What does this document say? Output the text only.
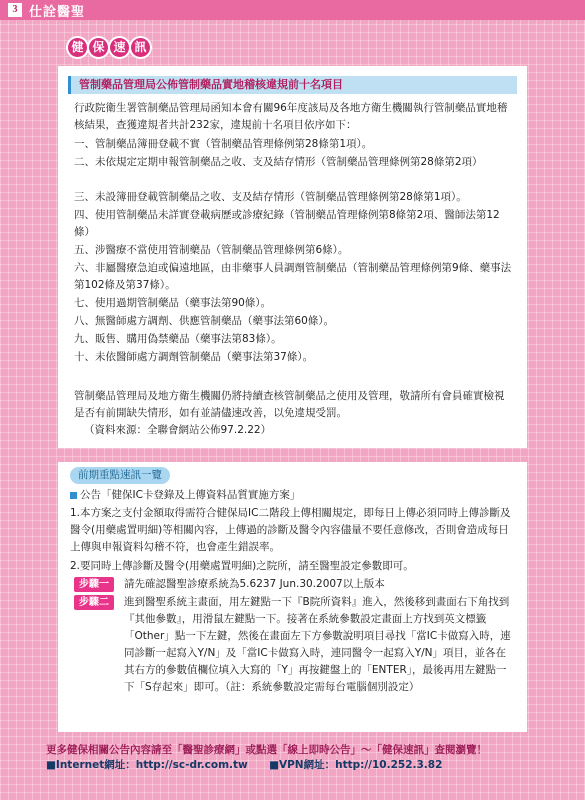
3 仕詮醫聖
健 保 速 訊
管制藥品管理局公佈管制藥品實地稽核違規前十名項目
行政院衛生署管制藥品管理局函知本會有關96年度該局及各地方衛生機關執行管制藥品實地稽核結果，查獲違規者共計232家，違規前十名項目依序如下：
一、管制藥品簿冊登載不實（管制藥品管理條例第28條第1項）。
二、未依規定定期申報管制藥品之收、支及結存情形（管制藥品管理條例第28條第2項）
三、未設簿冊登載管制藥品之收、支及結存情形（管制藥品管理條例第28條第1項）。
四、使用管制藥品未詳實登載病歷或診療紀錄（管制藥品管理條例第8條第2項、醫師法第12條）
五、涉醫療不當使用管制藥品（管制藥品管理條例第6條）。
六、非屬醫療急迫或偏遠地區，由非藥事人員調劑管制藥品（管制藥品管理條例第9條、藥事法第102條及第37條）。
七、使用過期管制藥品（藥事法第90條）。
八、無醫師處方調劑、供應管制藥品（藥事法第60條）。
九、販售、購用偽禁藥品（藥事法第83條）。
十、未依醫師處方調劑管制藥品（藥事法第37條）。
管制藥品管理局及地方衛生機關仍將持續查核管制藥品之使用及管理，敬請所有會員確實檢視是否有前開缺失情形，如有並請儘速改善，以免違規受罰。
（資料來源：全聯會網站公佈97.2.22）
公告「健保IC卡登錄及上傳資料品質實施方案」
1.本方案之支付金額取得需符合健保局IC二階段上傳相關規定，即每日上傳必須同時上傳診斷及醫令(用藥處置明細)等相關內容，上傳過的診斷及醫令內容儘量不要任意修改，否則會造成每日上傳與申報資料勾稽不符，也會產生錯誤率。
2.要同時上傳診斷及醫令(用藥處置明細)之院所，請至醫聖設定參數即可。
請先確認醫聖診療系統為5.6237 Jun.30.2007以上版本
進到醫聖系統主畫面，用左鍵點一下『B院所資料』進入，然後移到畫面右下角找到『其他參數』，用滑鼠左鍵點一下。接著在系統參數設定畫面上方找到英文標籤「Other」點一下左鍵，然後在畫面左下方參數說明項目尋找「當IC卡做寫入時，連同診斷一起寫入Y/N」及「當IC卡做寫入時，連同醫令一起寫入Y/N」項目，並各在其右方的參數值欄位填入大寫的「Y」再按鍵盤上的「ENTER」，最後再用左鍵點一下「S存起來」即可。（註：系統參數設定需每台電腦個別設定）
前期重點速訊一覽
步驟一
步驟二
更多健保相關公告內容請至「醫聖診療網」或點選「線上即時公告」～「健保速訊」查閱瀏覽！
■Internet網址：http://sc-dr.com.tw ■VPN網址：http://10.252.3.82
